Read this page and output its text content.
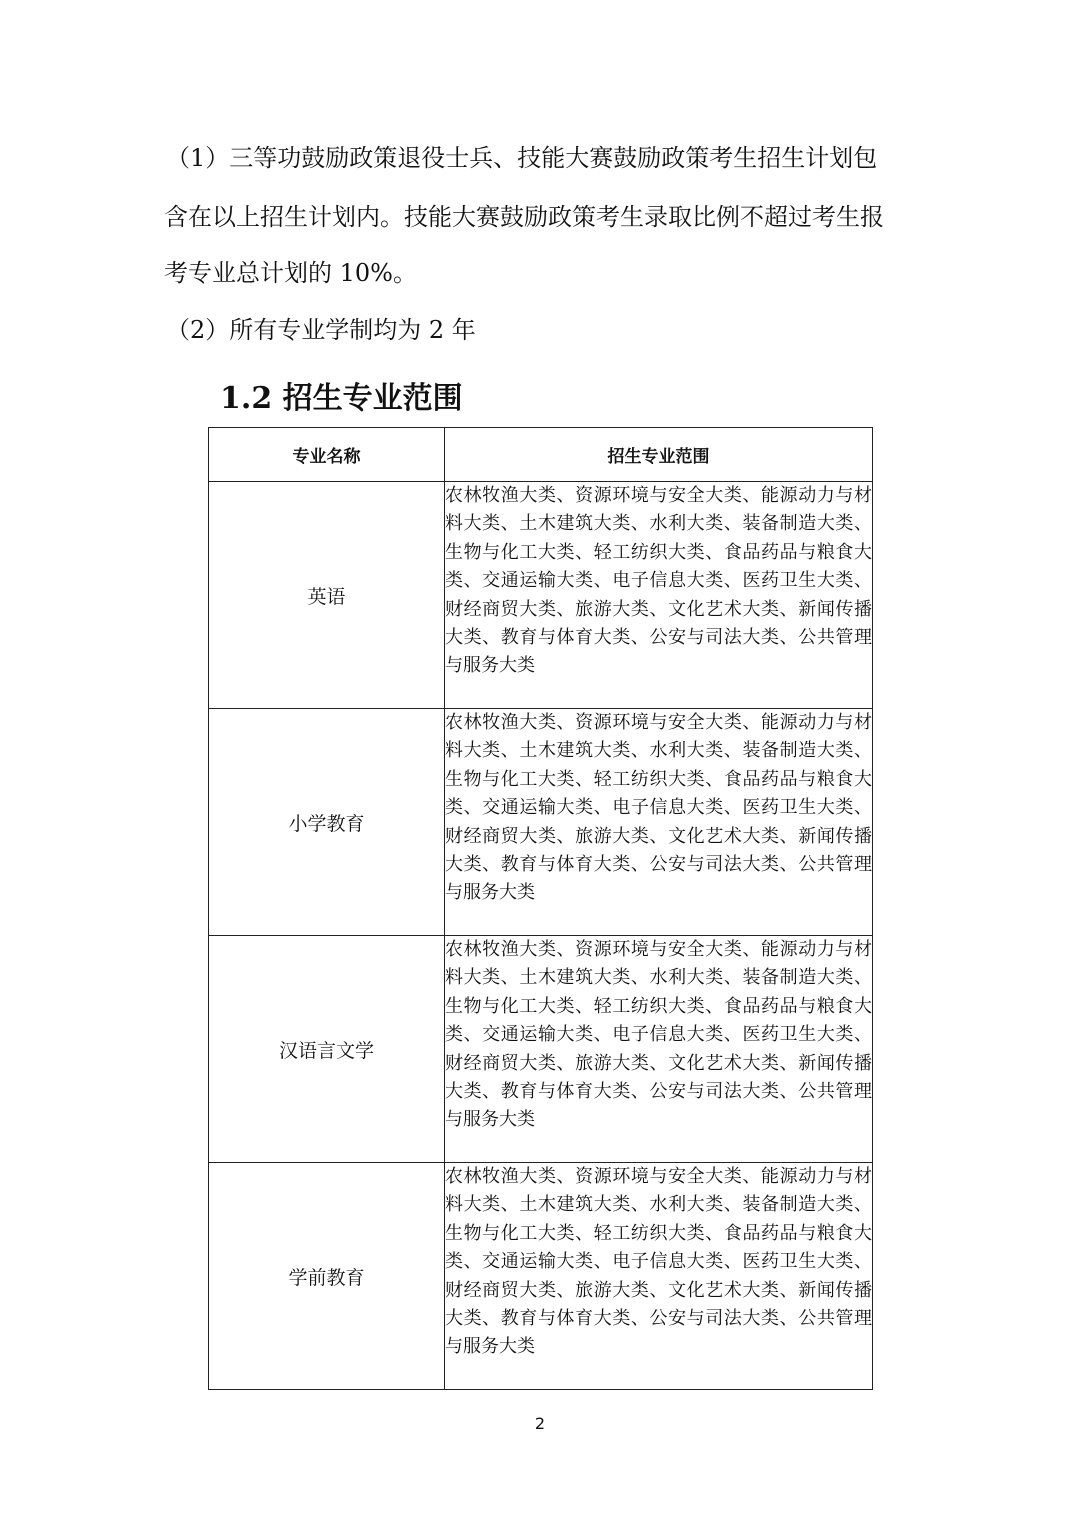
（1）三等功鼓励政策退役士兵、技能大赛鼓励政策考生招生计划包
含在以上招生计划内。技能大赛鼓励政策考生录取比例不超过考生报
考专业总计划的 10%。
（2）所有专业学制均为 2 年
1.2 招生专业范围
专业名称	招生专业范围
英语	农林牧渔大类、资源环境与安全大类、能源动力与材料大类、土木建筑大类、水利大类、装备制造大类、生物与化工大类、轻工纺织大类、食品药品与粮食大类、交通运输大类、电子信息大类、医药卫生大类、财经商贸大类、旅游大类、文化艺术大类、新闻传播大类、教育与体育大类、公安与司法大类、公共管理与服务大类
小学教育	农林牧渔大类、资源环境与安全大类、能源动力与材料大类、土木建筑大类、水利大类、装备制造大类、生物与化工大类、轻工纺织大类、食品药品与粮食大类、交通运输大类、电子信息大类、医药卫生大类、财经商贸大类、旅游大类、文化艺术大类、新闻传播大类、教育与体育大类、公安与司法大类、公共管理与服务大类
汉语言文学	农林牧渔大类、资源环境与安全大类、能源动力与材料大类、土木建筑大类、水利大类、装备制造大类、生物与化工大类、轻工纺织大类、食品药品与粮食大类、交通运输大类、电子信息大类、医药卫生大类、财经商贸大类、旅游大类、文化艺术大类、新闻传播大类、教育与体育大类、公安与司法大类、公共管理与服务大类
学前教育	农林牧渔大类、资源环境与安全大类、能源动力与材料大类、土木建筑大类、水利大类、装备制造大类、生物与化工大类、轻工纺织大类、食品药品与粮食大类、交通运输大类、电子信息大类、医药卫生大类、财经商贸大类、旅游大类、文化艺术大类、新闻传播大类、教育与体育大类、公安与司法大类、公共管理与服务大类
2
